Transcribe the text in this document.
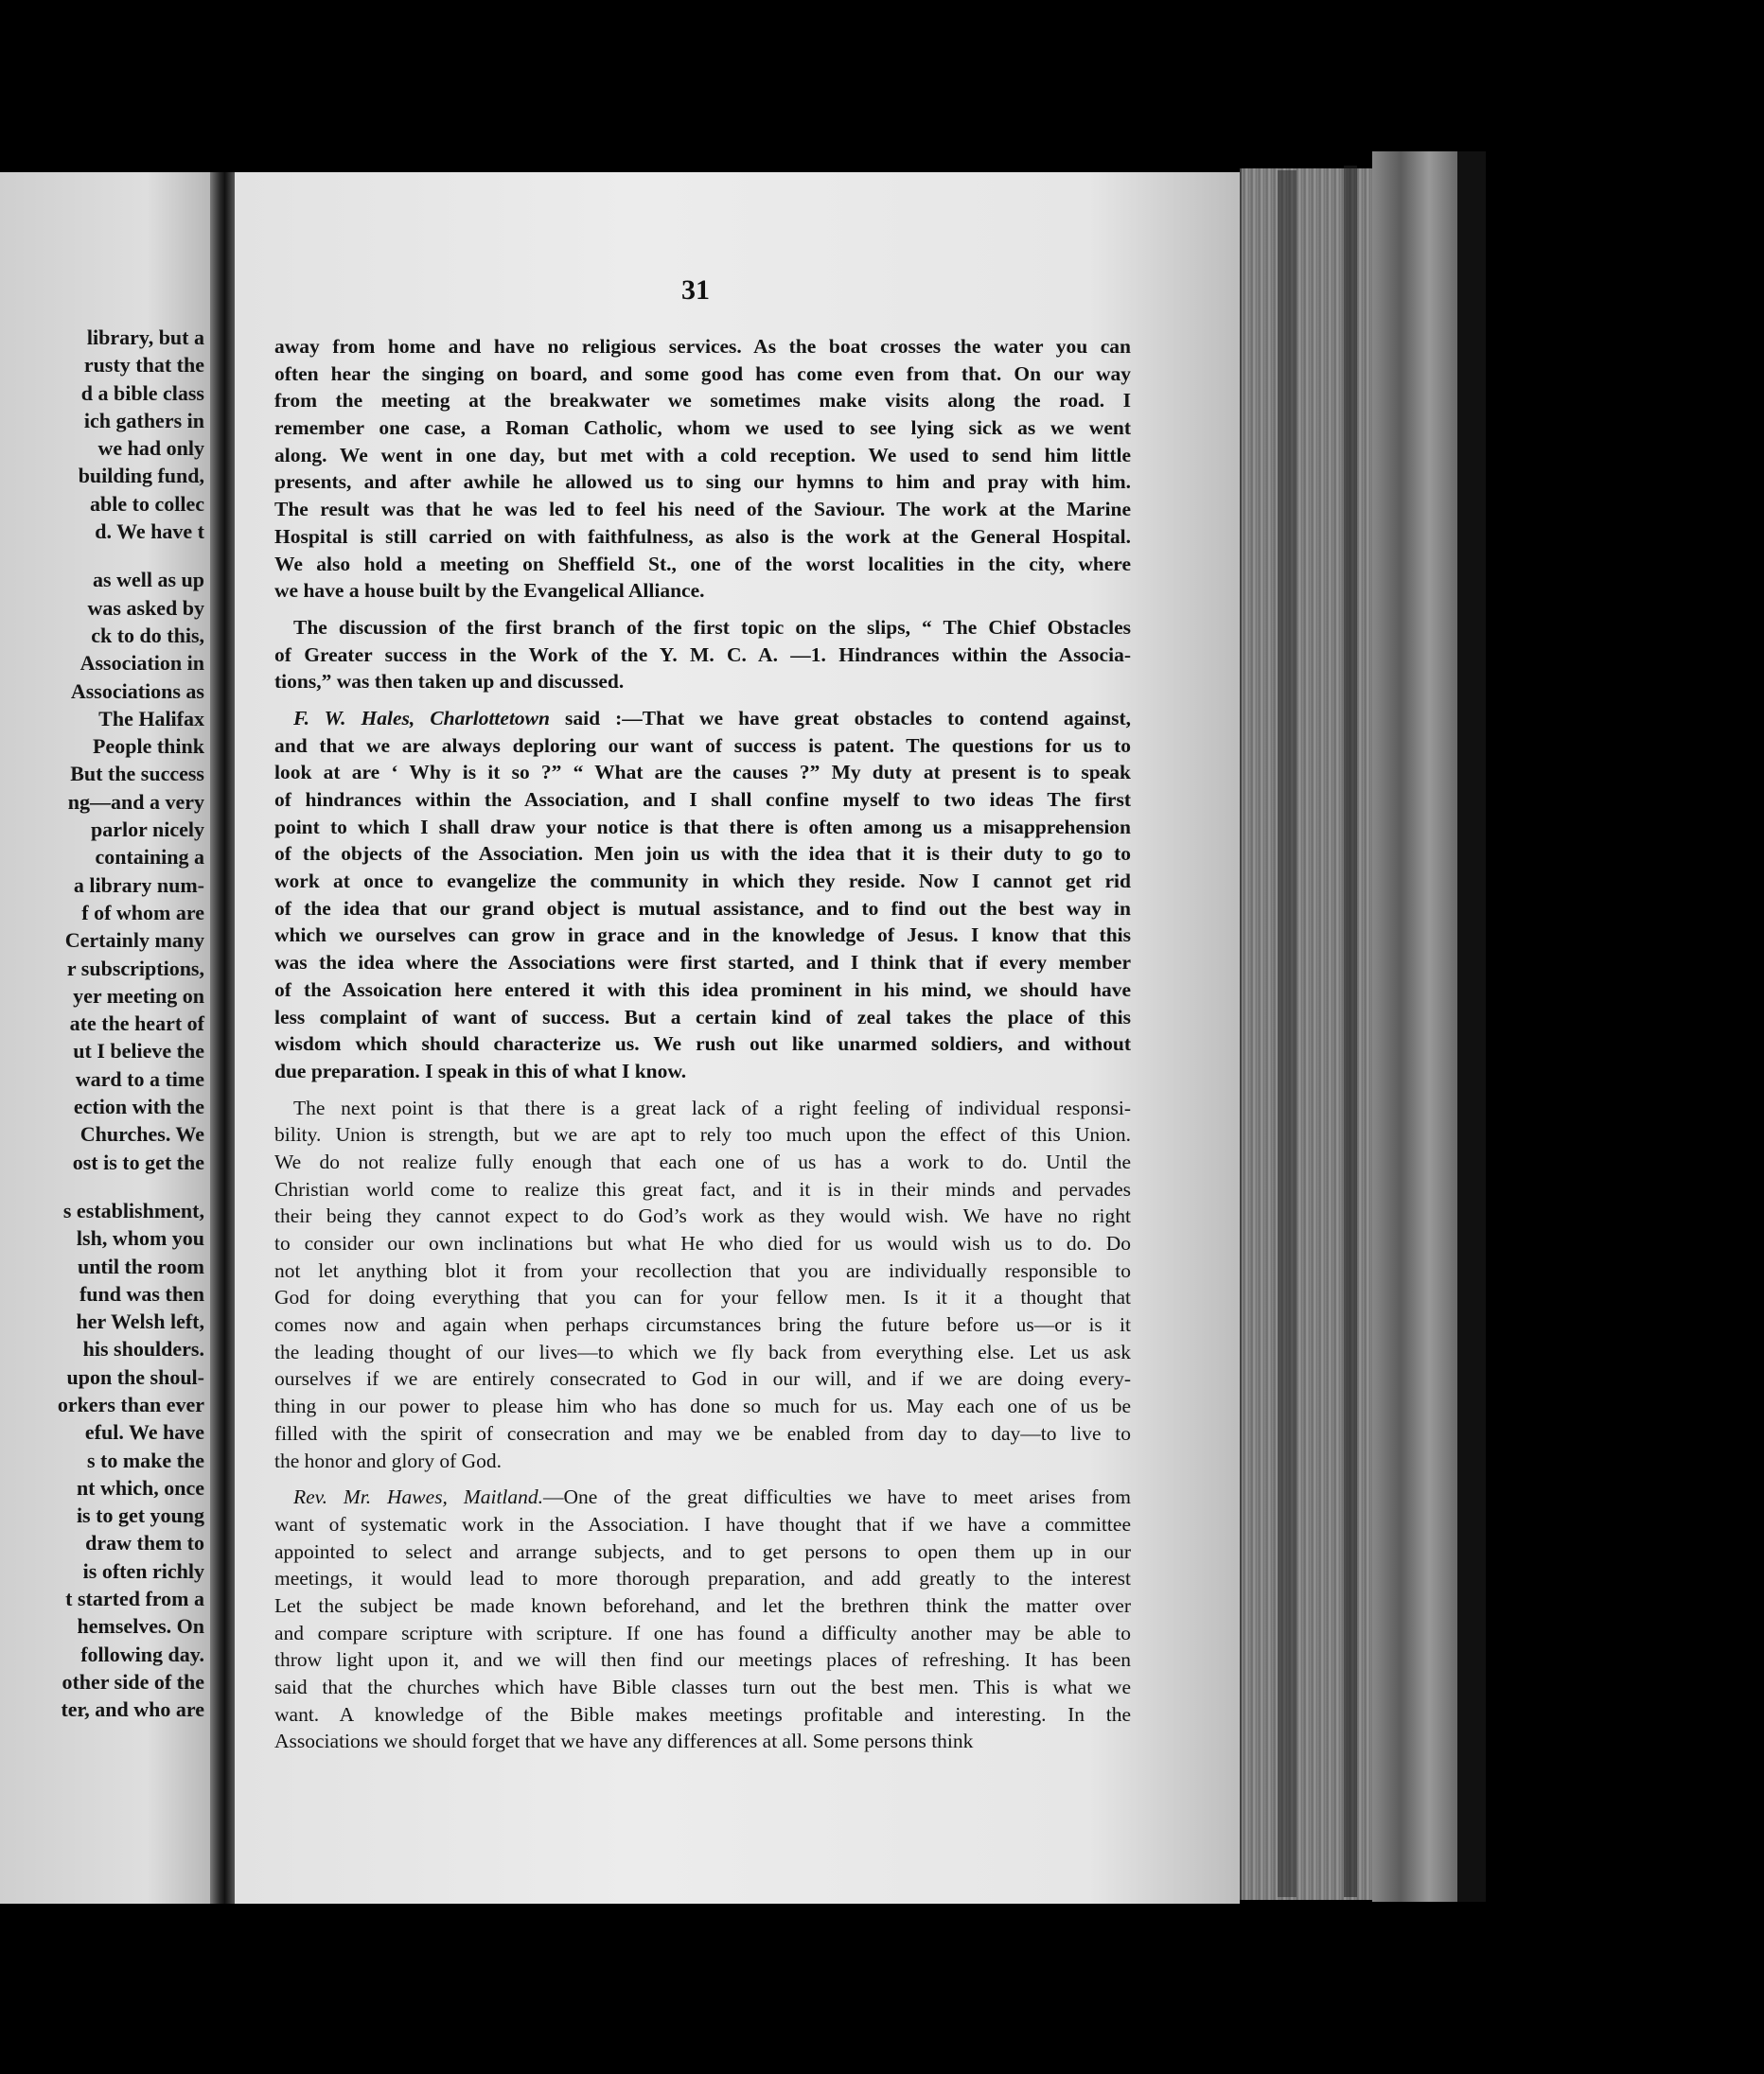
library, but a
rusty that the
d a bible class
ich gathers in
we had only
building fund,
able to collec
d. We have t
as well as up
was asked by
ck to do this,
Association in
Associations as
The Halifax
People think
But the success
ng—and a very
parlor nicely
containing a
a library num-
f of whom are
Certainly many
r subscriptions,
yer meeting on
ate the heart of
ut I believe the
ward to a time
ection with the
Churches. We
ost is to get the
s establishment,
lsh, whom you
until the room
fund was then
her Welsh left,
his shoulders.
upon the shoul-
orkers than ever
eful. We have
s to make the
nt which, once
is to get young
draw them to
is often richly
t started from a
hemselves. On
following day.
other side of the
ter, and who are
31
away from home and have no religious services. As the boat crosses the water you can
often hear the singing on board, and some good has come even from that. On our way
from the meeting at the breakwater we sometimes make visits along the road. I
remember one case, a Roman Catholic, whom we used to see lying sick as we went
along. We went in one day, but met with a cold reception. We used to send him little
presents, and after awhile he allowed us to sing our hymns to him and pray with him.
The result was that he was led to feel his need of the Saviour. The work at the Marine
Hospital is still carried on with faithfulness, as also is the work at the General Hospital.
We also hold a meeting on Sheffield St., one of the worst localities in the city, where
we have a house built by the Evangelical Alliance.
The discussion of the first branch of the first topic on the slips, “ The Chief Obstacles
of Greater success in the Work of the Y. M. C. A. —1. Hindrances within the Associa-
tions,” was then taken up and discussed.
F. W. Hales, Charlottetown said :—That we have great obstacles to contend against,
and that we are always deploring our want of success is patent. The questions for us to
look at are ‘ Why is it so ?” “ What are the causes ?” My duty at present is to speak
of hindrances within the Association, and I shall confine myself to two ideas The first
point to which I shall draw your notice is that there is often among us a misapprehension
of the objects of the Association. Men join us with the idea that it is their duty to go to
work at once to evangelize the community in which they reside. Now I cannot get rid
of the idea that our grand object is mutual assistance, and to find out the best way in
which we ourselves can grow in grace and in the knowledge of Jesus. I know that this
was the idea where the Associations were first started, and I think that if every member
of the Assoication here entered it with this idea prominent in his mind, we should have
less complaint of want of success. But a certain kind of zeal takes the place of this
wisdom which should characterize us. We rush out like unarmed soldiers, and without
due preparation. I speak in this of what I know.
The next point is that there is a great lack of a right feeling of individual responsi-
bility. Union is strength, but we are apt to rely too much upon the effect of this Union.
We do not realize fully enough that each one of us has a work to do. Until the
Christian world come to realize this great fact, and it is in their minds and pervades
their being they cannot expect to do God’s work as they would wish. We have no right
to consider our own inclinations but what He who died for us would wish us to do. Do
not let anything blot it from your recollection that you are individually responsible to
God for doing everything that you can for your fellow men. Is it it a thought that
comes now and again when perhaps circumstances bring the future before us—or is it
the leading thought of our lives—to which we fly back from everything else. Let us ask
ourselves if we are entirely consecrated to God in our will, and if we are doing every-
thing in our power to please him who has done so much for us. May each one of us be
filled with the spirit of consecration and may we be enabled from day to day—to live to
the honor and glory of God.
Rev. Mr. Hawes, Maitland.—One of the great difficulties we have to meet arises from
want of systematic work in the Association. I have thought that if we have a committee
appointed to select and arrange subjects, and to get persons to open them up in our
meetings, it would lead to more thorough preparation, and add greatly to the interest
Let the subject be made known beforehand, and let the brethren think the matter over
and compare scripture with scripture. If one has found a difficulty another may be able to
throw light upon it, and we will then find our meetings places of refreshing. It has been
said that the churches which have Bible classes turn out the best men. This is what we
want. A knowledge of the Bible makes meetings profitable and interesting. In the
Associations we should forget that we have any differences at all. Some persons think
